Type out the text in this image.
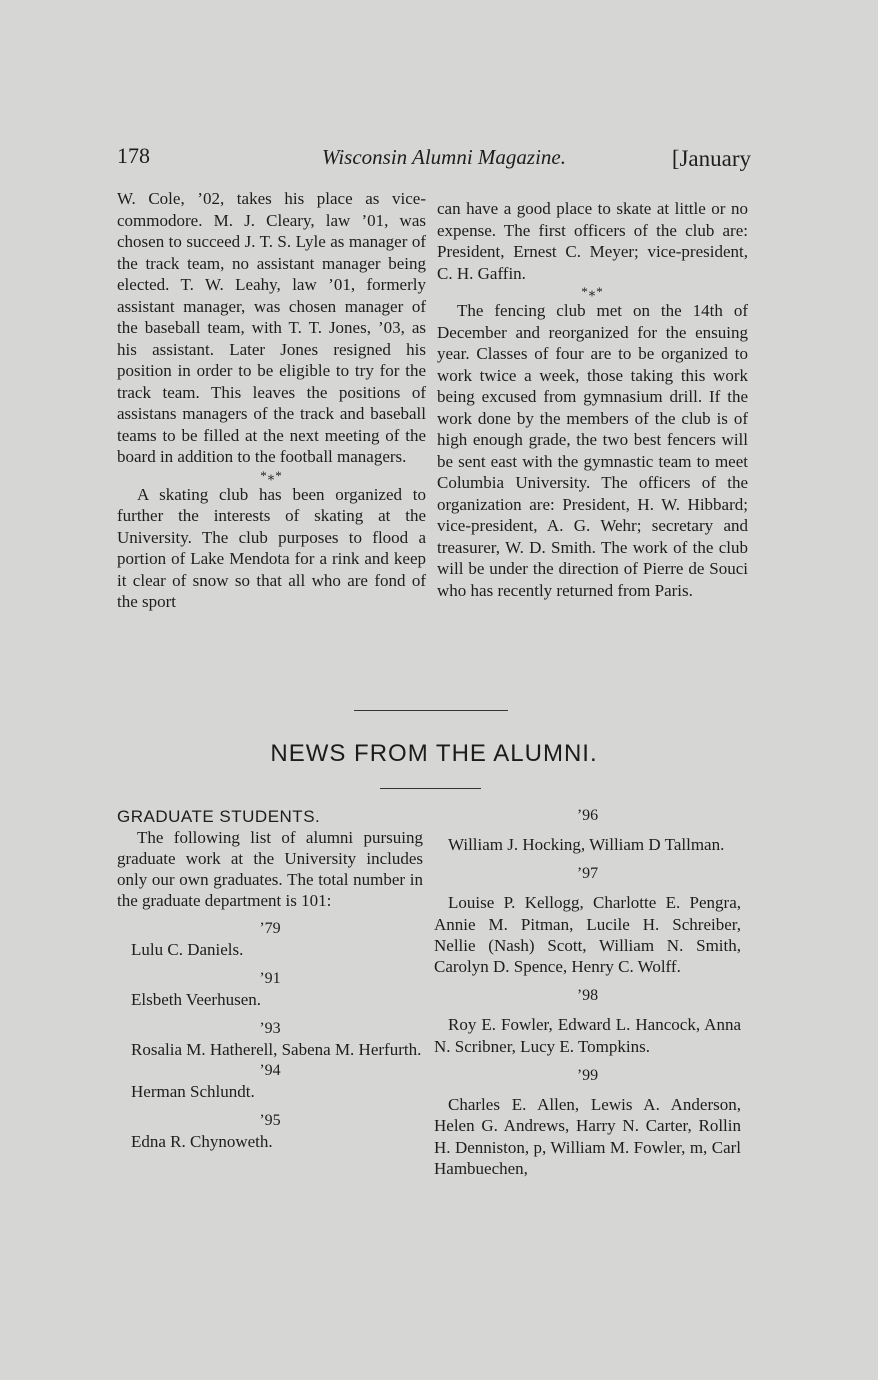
178	Wisconsin Alumni Magazine.	[January

W. Cole, ’02, takes his place as vice-commodore. M. J. Cleary, law ’01, was chosen to succeed J. T. S. Lyle as manager of the track team, no assistant manager being elected. T. W. Leahy, law ’01, formerly assistant manager, was chosen manager of the baseball team, with T. T. Jones, ’03, as his assistant. Later Jones resigned his position in order to be eligible to try for the track team. This leaves the positions of assistans managers of the track and baseball teams to be filled at the next meeting of the board in addition to the football managers.

*⁎*

A skating club has been organized to further the interests of skating at the University. The club purposes to flood a portion of Lake Mendota for a rink and keep it clear of snow so that all who are fond of the sport

can have a good place to skate at little or no expense. The first officers of the club are: President, Ernest C. Meyer; vice-president, C. H. Gaffin.

*⁎*

The fencing club met on the 14th of December and reorganized for the ensuing year. Classes of four are to be organized to work twice a week, those taking this work being excused from gymnasium drill. If the work done by the members of the club is of high enough grade, the two best fencers will be sent east with the gymnastic team to meet Columbia University. The officers of the organization are: President, H. W. Hibbard; vice-president, A. G. Wehr; secretary and treasurer, W. D. Smith. The work of the club will be under the direction of Pierre de Souci who has recently returned from Paris.

NEWS FROM THE ALUMNI.

GRADUATE STUDENTS.

The following list of alumni pursuing graduate work at the University includes only our own graduates. The total number in the graduate department is 101:

’79

Lulu C. Daniels.

’91

Elsbeth Veerhusen.

’93

Rosalia M. Hatherell, Sabena M. Herfurth.

’94

Herman Schlundt.

’95

Edna R. Chynoweth.

’96

William J. Hocking, William D Tallman.

’97

Louise P. Kellogg, Charlotte E. Pengra, Annie M. Pitman, Lucile H. Schreiber, Nellie (Nash) Scott, William N. Smith, Carolyn D. Spence, Henry C. Wolff.

’98

Roy E. Fowler, Edward L. Hancock, Anna N. Scribner, Lucy E. Tompkins.

’99

Charles E. Allen, Lewis A. Anderson, Helen G. Andrews, Harry N. Carter, Rollin H. Denniston, p, William M. Fowler, m, Carl Hambuechen,
